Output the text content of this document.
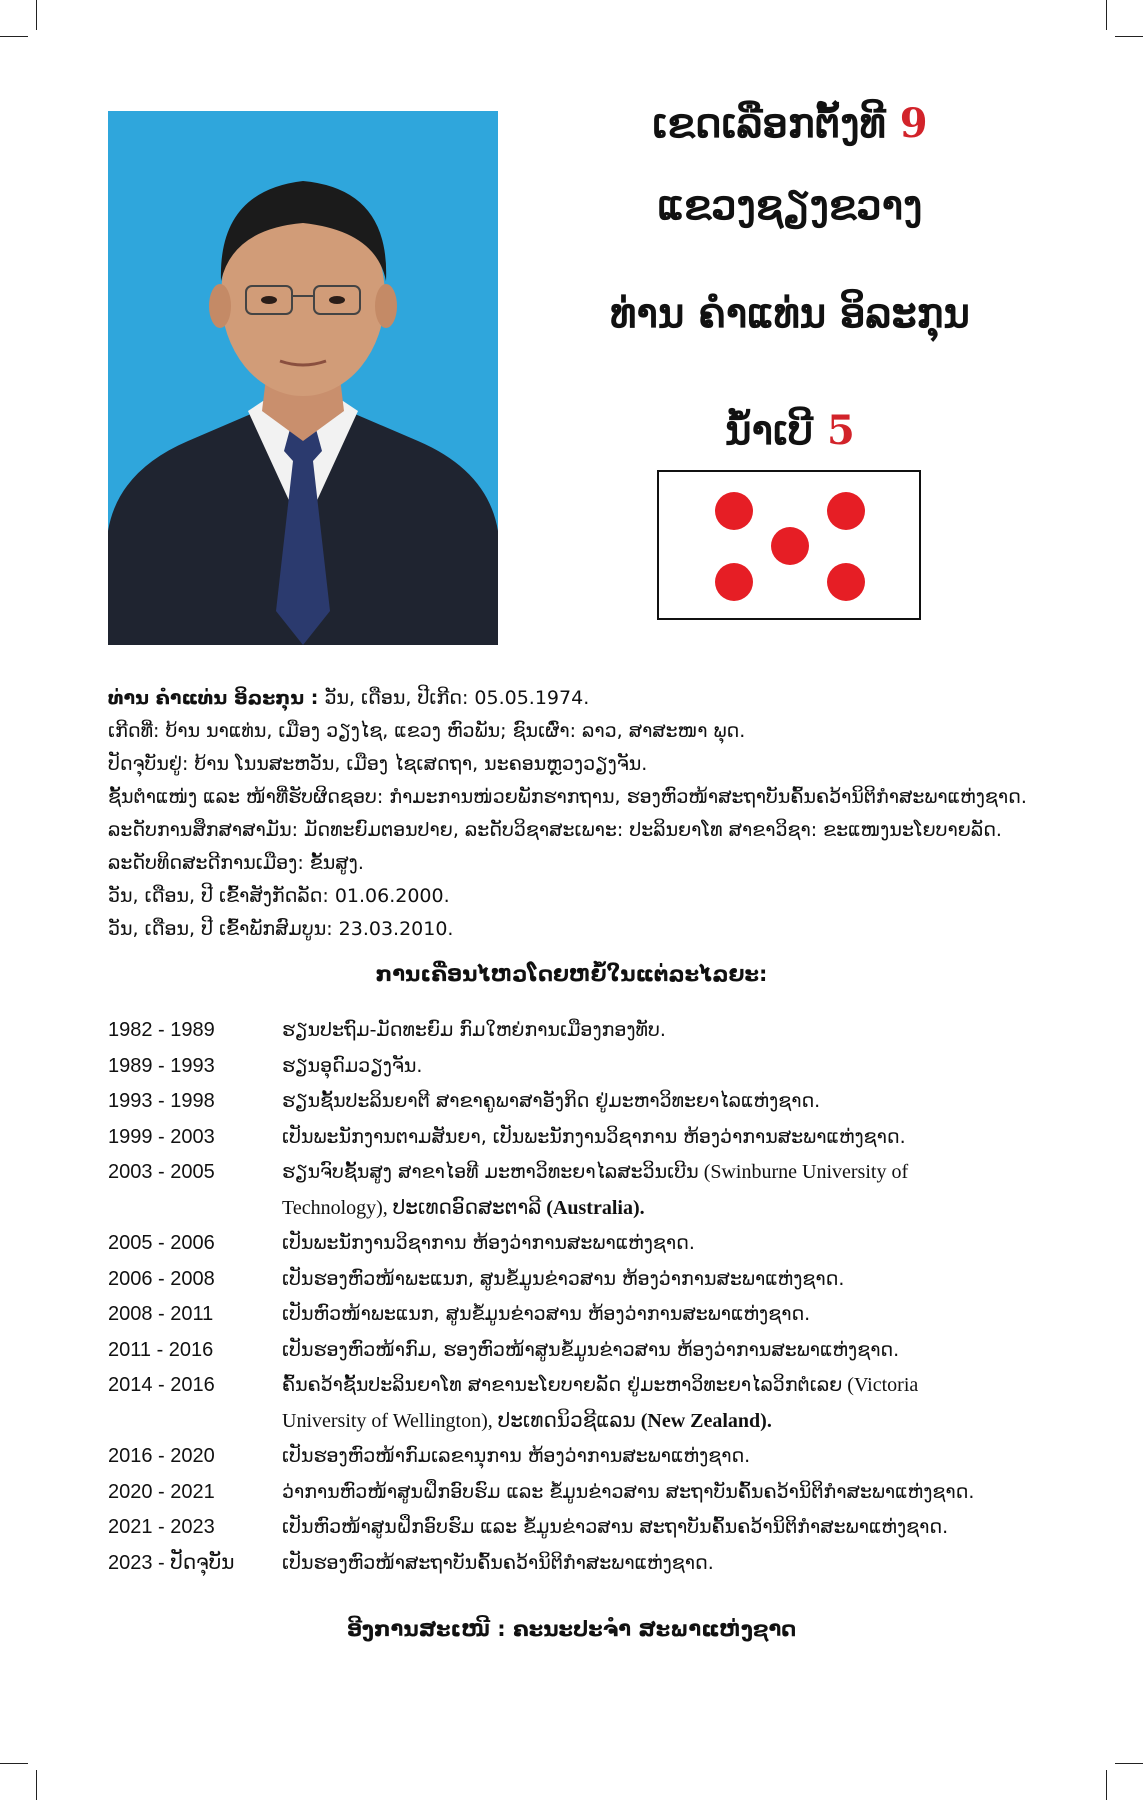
ເຂດເລືອກຕັ້ງທີ 9
ແຂວງຊຽງຂວາງ
ທ່ານ ຄຳແທ່ນ ອິລະກຸນ
ນ້ຳເບີ 5

ທ່ານ ຄຳແທ່ນ ອິລະກຸນ : ວັນ, ເດືອນ, ປີເກີດ: 05.05.1974.

ເກີດທີ່: ບ້ານ ນາແທ່ນ, ເມືອງ ວຽງໄຊ, ແຂວງ ຫົວພັນ; ຊົນເຜົ່າ: ລາວ, ສາສະໜາ ພຸດ.

ປັດຈຸບັນຢູ່: ບ້ານ ໂນນສະຫວັນ, ເມືອງ ໄຊເສດຖາ, ນະຄອນຫຼວງວຽງຈັນ.

ຊັ້ນຕຳແໜ່ງ ແລະ ໜ້າທີ່ຮັບຜິດຊອບ: ກຳມະການໜ່ວຍພັກຮາກຖານ, ຮອງຫົວໜ້າສະຖາບັນຄົ້ນຄວ້ານິຕິກຳສະພາແຫ່ງຊາດ.

ລະດັບການສຶກສາສາມັນ: ມັດທະຍົມຕອນປາຍ, ລະດັບວິຊາສະເພາະ: ປະລິນຍາໂທ ສາຂາວິຊາ: ຂະແໜງນະໂຍບາຍລັດ.

ລະດັບທິດສະດີການເມືອງ: ຂັ້ນສູງ.

ວັນ, ເດືອນ, ປີ ເຂົ້າສັງກັດລັດ: 01.06.2000.

ວັນ, ເດືອນ, ປີ ເຂົ້າພັກສົມບູນ: 23.03.2010.

ການເຄື່ອນໄຫວໂດຍຫຍໍ້ໃນແຕ່ລະໄລຍະ:
1982 - 1989	ຮຽນປະຖົມ-ມັດທະຍົມ ກົມໃຫຍ່ການເມືອງກອງທັບ.
1989 - 1993	ຮຽນອຸດົມວຽງຈັນ.
1993 - 1998	ຮຽນຊັ້ນປະລິນຍາຕີ ສາຂາຄູພາສາອັງກິດ ຢູ່ມະຫາວິທະຍາໄລແຫ່ງຊາດ.
1999 - 2003	ເປັນພະນັກງານຕາມສັນຍາ, ເປັນພະນັກງານວິຊາການ ຫ້ອງວ່າການສະພາແຫ່ງຊາດ.
2003 - 2005	ຮຽນຈົບຊັ້ນສູງ ສາຂາໄອທີ ມະຫາວິທະຍາໄລສະວິນເບີນ (Swinburne University of
Technology), ປະເທດອົດສະຕາລີ (Australia).
2005 - 2006	ເປັນພະນັກງານວິຊາການ ຫ້ອງວ່າການສະພາແຫ່ງຊາດ.
2006 - 2008	ເປັນຮອງຫົວໜ້າພະແນກ, ສູນຂໍ້ມູນຂ່າວສານ ຫ້ອງວ່າການສະພາແຫ່ງຊາດ.
2008 - 2011	ເປັນຫົວໜ້າພະແນກ, ສູນຂໍ້ມູນຂ່າວສານ ຫ້ອງວ່າການສະພາແຫ່ງຊາດ.
2011 - 2016	ເປັນຮອງຫົວໜ້າກົມ, ຮອງຫົວໜ້າສູນຂໍ້ມູນຂ່າວສານ ຫ້ອງວ່າການສະພາແຫ່ງຊາດ.
2014 - 2016	ຄົ້ນຄວ້າຊັ້ນປະລິນຍາໂທ ສາຂານະໂຍບາຍລັດ ຢູ່ມະຫາວິທະຍາໄລວິກຕໍເລຍ (Victoria
University of Wellington), ປະເທດນິວຊີແລນ (New Zealand).
2016 - 2020	ເປັນຮອງຫົວໜ້າກົມເລຂານຸການ ຫ້ອງວ່າການສະພາແຫ່ງຊາດ.
2020 - 2021	ວ່າການຫົວໜ້າສູນຝຶກອົບຮົມ ແລະ ຂໍ້ມູນຂ່າວສານ ສະຖາບັນຄົ້ນຄວ້ານິຕິກຳສະພາແຫ່ງຊາດ.
2021 - 2023	ເປັນຫົວໜ້າສູນຝຶກອົບຮົມ ແລະ ຂໍ້ມູນຂ່າວສານ ສະຖາບັນຄົ້ນຄວ້ານິຕິກຳສະພາແຫ່ງຊາດ.
2023 - ປັດຈຸບັນ	ເປັນຮອງຫົວໜ້າສະຖາບັນຄົ້ນຄວ້ານິຕິກຳສະພາແຫ່ງຊາດ.
ອີງການສະເໜີ : ຄະນະປະຈຳ ສະພາແຫ່ງຊາດ
